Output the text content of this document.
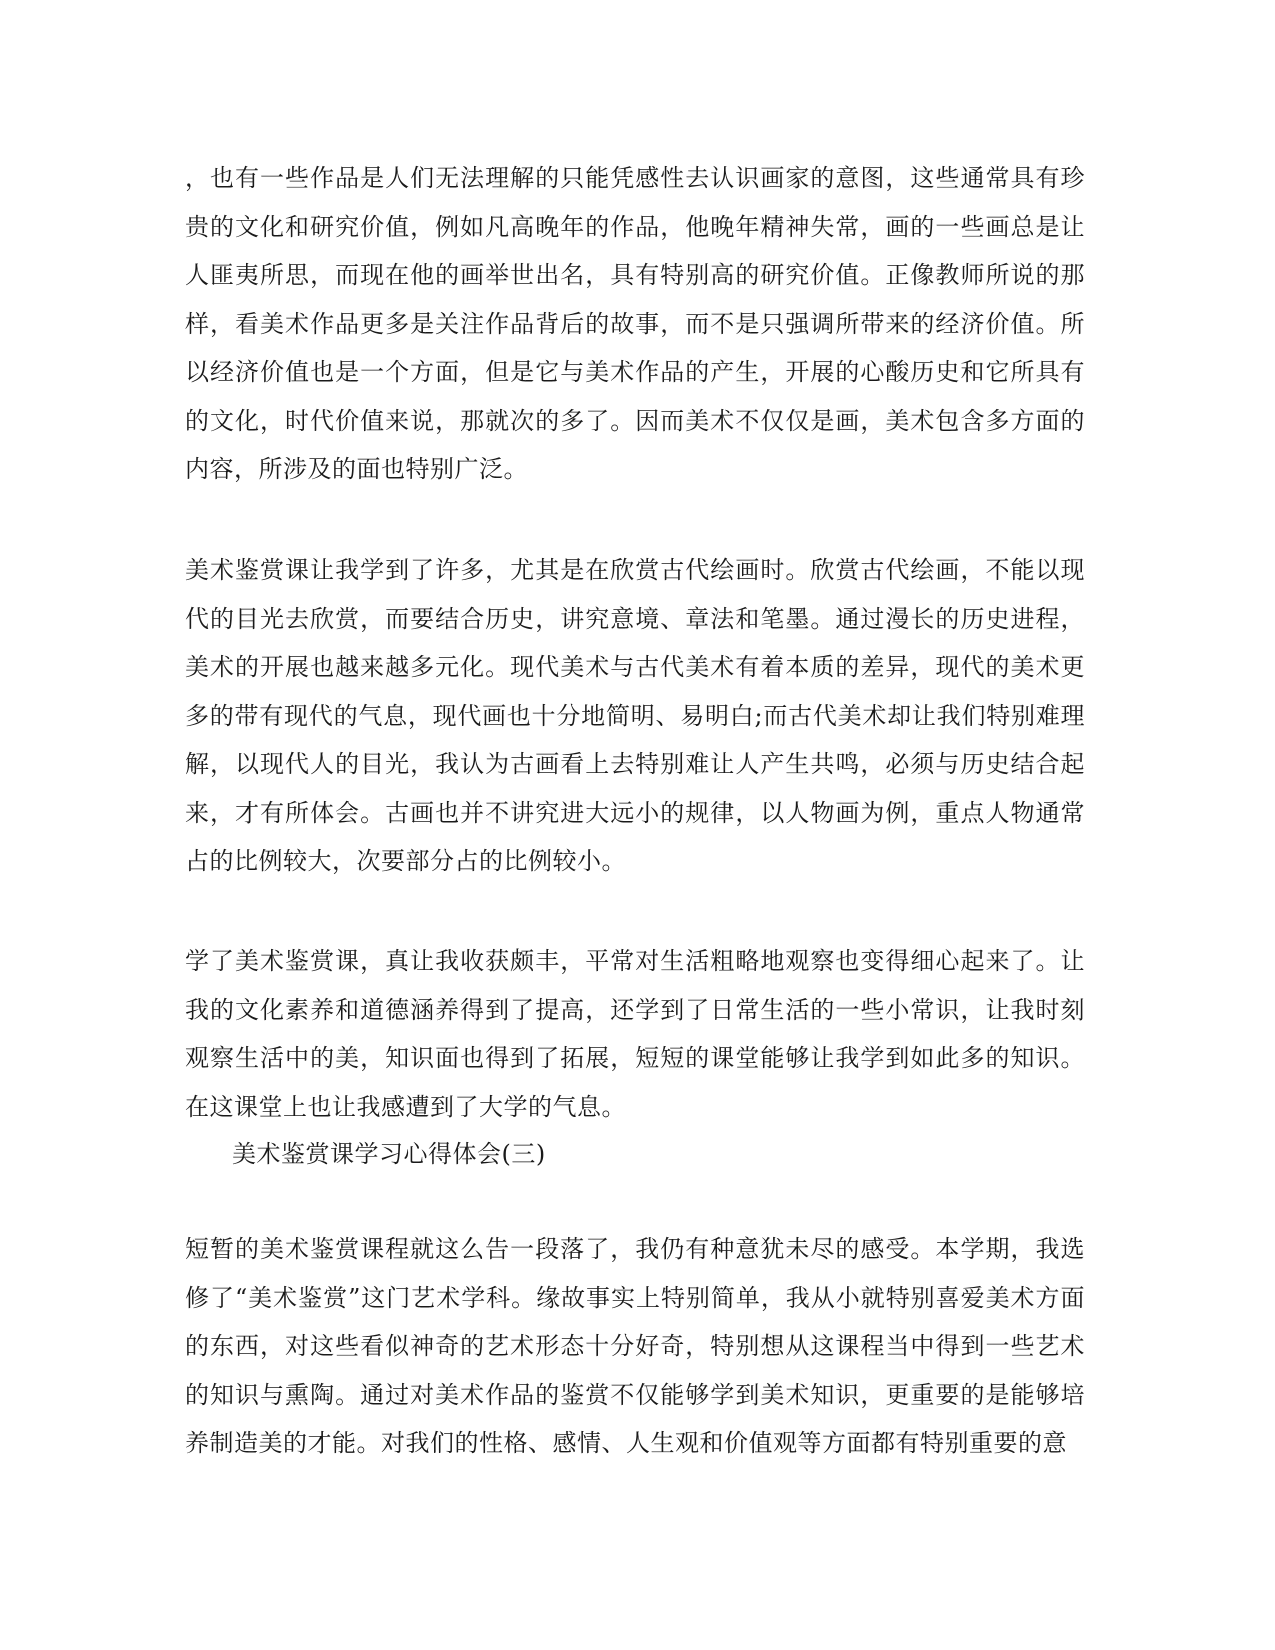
，也有一些作品是人们无法理解的只能凭感性去认识画家的意图，这些通常具有珍贵的文化和研究价值，例如凡高晚年的作品，他晚年精神失常，画的一些画总是让人匪夷所思，而现在他的画举世出名，具有特别高的研究价值。正像教师所说的那样，看美术作品更多是关注作品背后的故事，而不是只强调所带来的经济价值。所以经济价值也是一个方面，但是它与美术作品的产生，开展的心酸历史和它所具有的文化，时代价值来说，那就次的多了。因而美术不仅仅是画，美术包含多方面的内容，所涉及的面也特别广泛。

美术鉴赏课让我学到了许多，尤其是在欣赏古代绘画时。欣赏古代绘画，不能以现代的目光去欣赏，而要结合历史，讲究意境、章法和笔墨。通过漫长的历史进程，美术的开展也越来越多元化。现代美术与古代美术有着本质的差异，现代的美术更多的带有现代的气息，现代画也十分地简明、易明白;而古代美术却让我们特别难理解，以现代人的目光，我认为古画看上去特别难让人产生共鸣，必须与历史结合起来，才有所体会。古画也并不讲究进大远小的规律，以人物画为例，重点人物通常占的比例较大，次要部分占的比例较小。

学了美术鉴赏课，真让我收获颇丰，平常对生活粗略地观察也变得细心起来了。让我的文化素养和道德涵养得到了提高，还学到了日常生活的一些小常识，让我时刻观察生活中的美，知识面也得到了拓展，短短的课堂能够让我学到如此多的知识。在这课堂上也让我感遭到了大学的气息。

美术鉴赏课学习心得体会(三)

短暂的美术鉴赏课程就这么告一段落了，我仍有种意犹未尽的感受。本学期，我选修了“美术鉴赏”这门艺术学科。缘故事实上特别简单，我从小就特别喜爱美术方面的东西，对这些看似神奇的艺术形态十分好奇，特别想从这课程当中得到一些艺术的知识与熏陶。通过对美术作品的鉴赏不仅能够学到美术知识，更重要的是能够培养制造美的才能。对我们的性格、感情、人生观和价值观等方面都有特别重要的意
